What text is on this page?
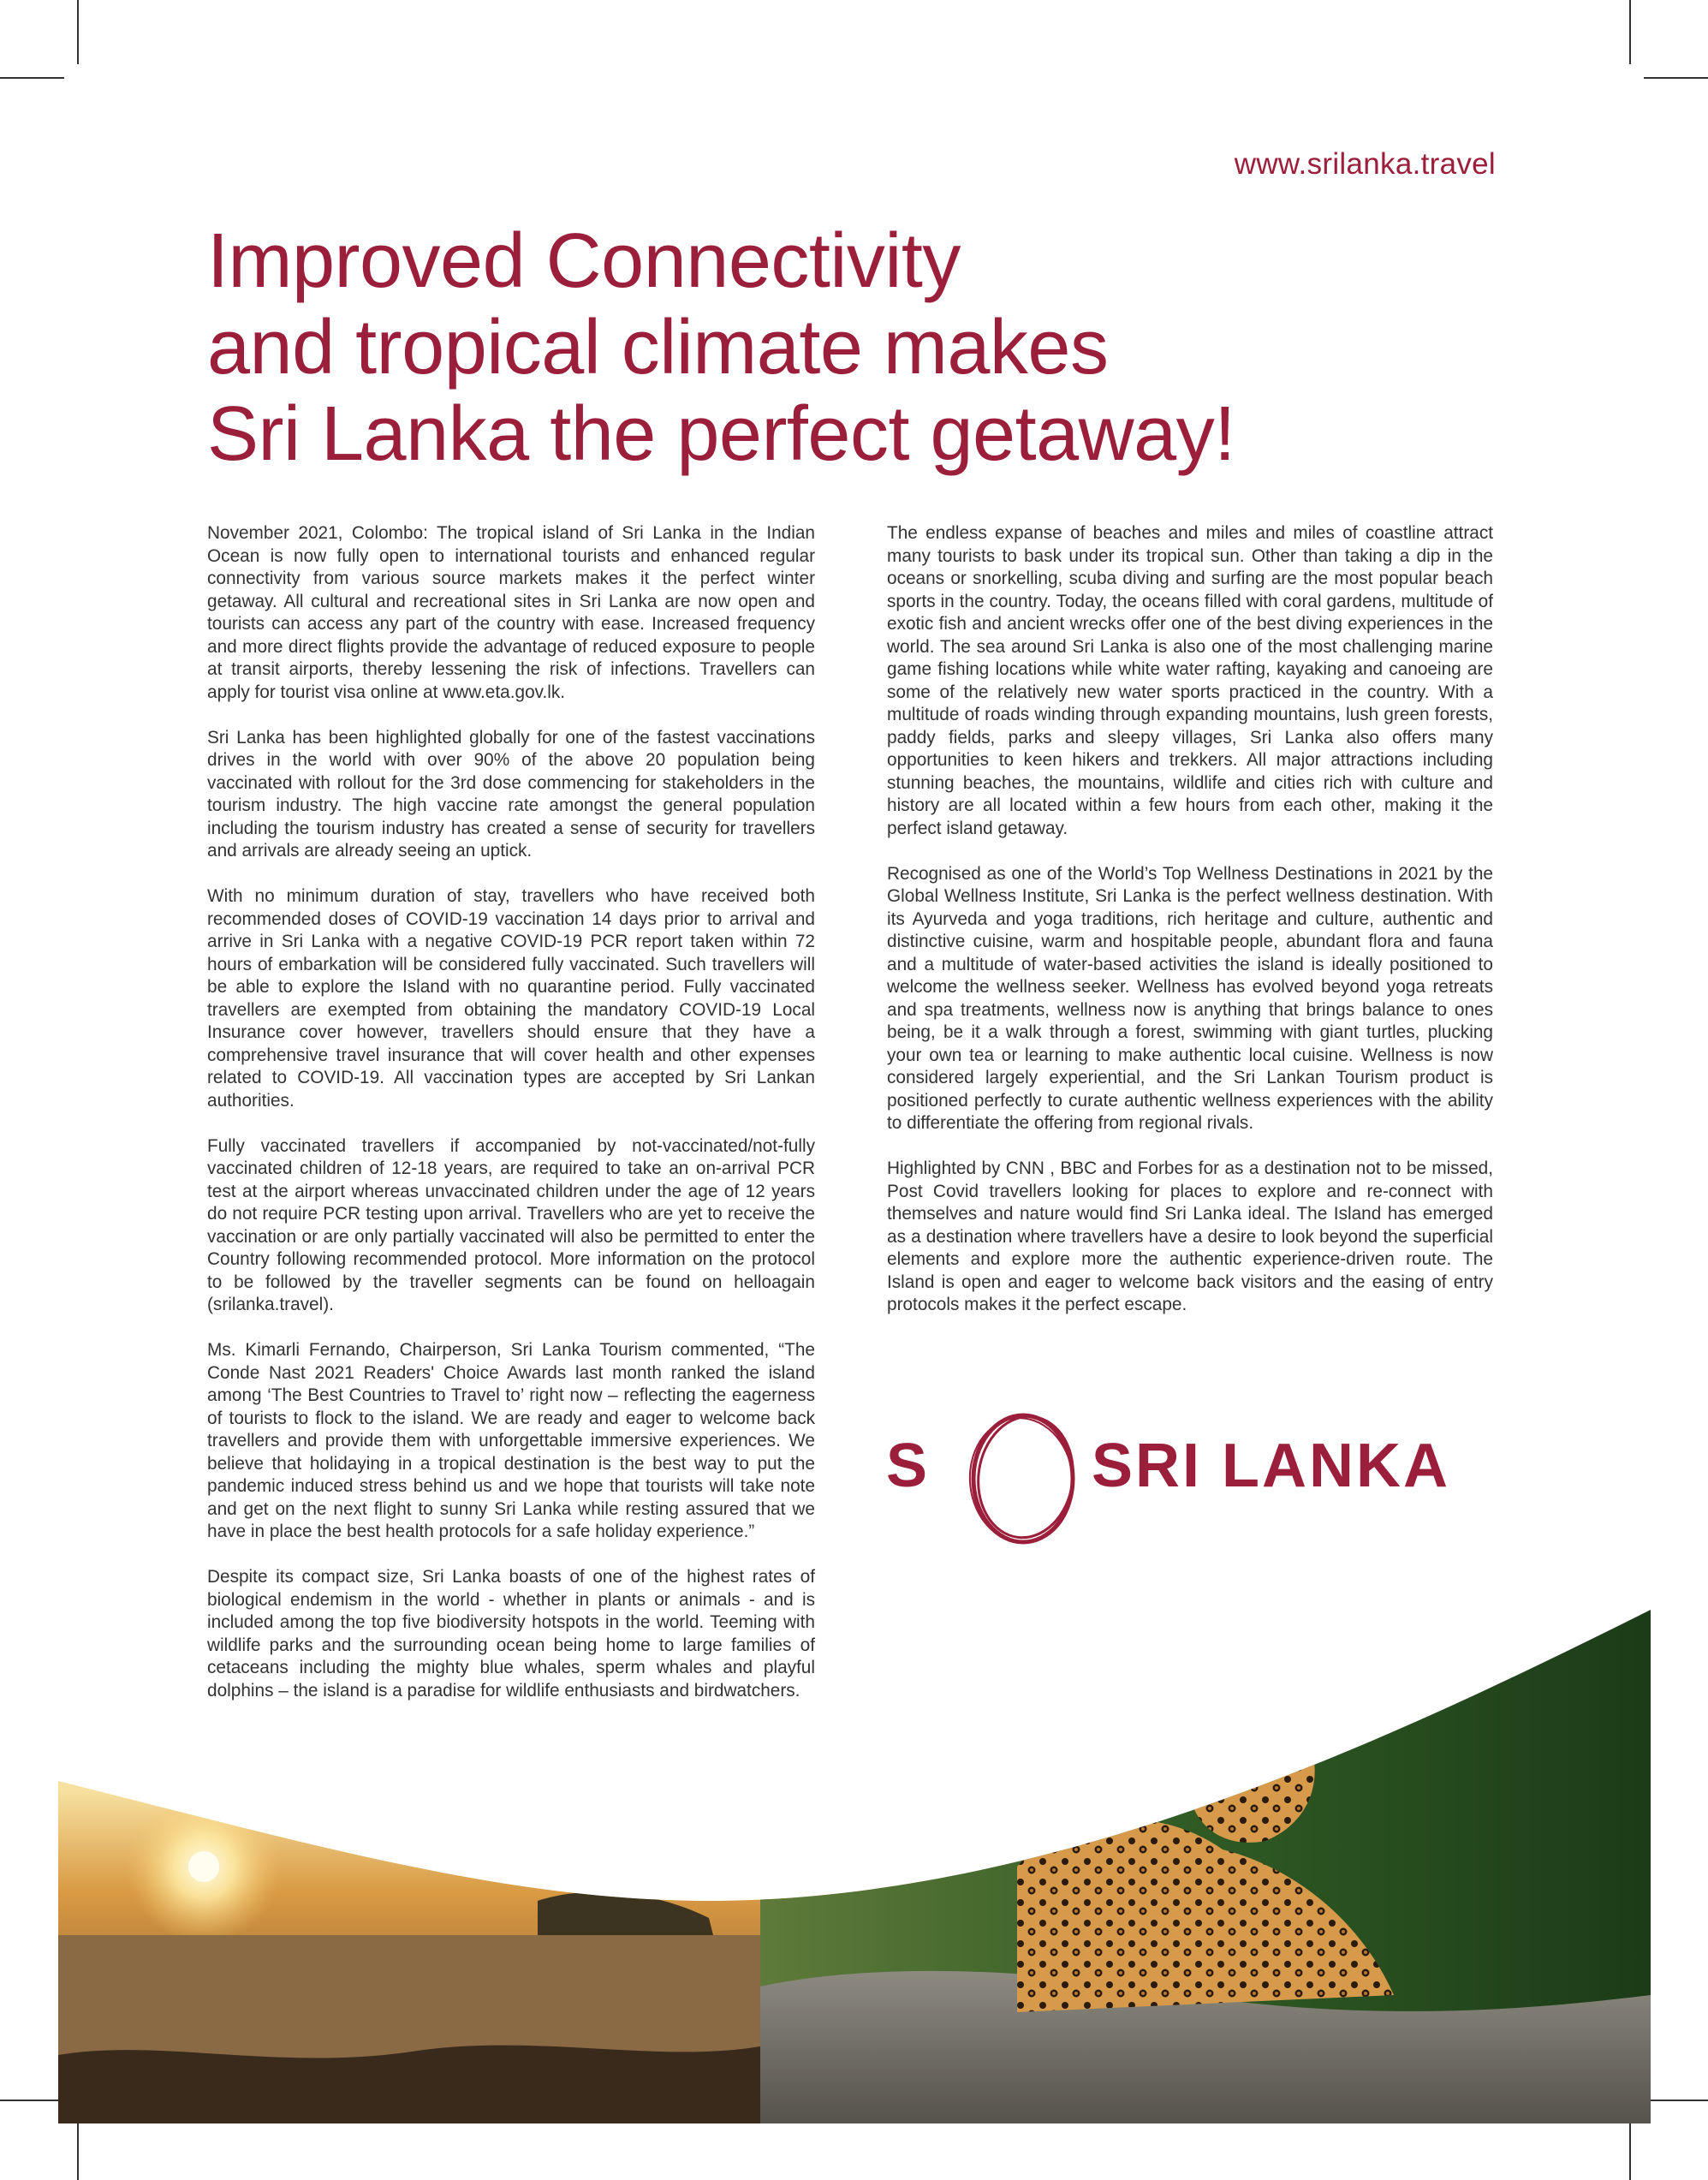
www.srilanka.travel
Improved Connectivity
and tropical climate makes
Sri Lanka the perfect getaway!

November 2021, Colombo: The tropical island of Sri Lanka in the Indian Ocean is now fully open to international tourists and enhanced regular connectivity from various source markets makes it the perfect winter getaway. All cultural and recreational sites in Sri Lanka are now open and tourists can access any part of the country with ease. Increased frequency and more direct flights provide the advantage of reduced exposure to people at transit airports, thereby lessening the risk of infections. Travellers can apply for tourist visa online at www.eta.gov.lk.

Sri Lanka has been highlighted globally for one of the fastest vaccinations drives in the world with over 90% of the above 20 population being vaccinated with rollout for the 3rd dose commencing for stakeholders in the tourism industry. The high vaccine rate amongst the general population including the tourism industry has created a sense of security for travellers and arrivals are already seeing an uptick.

With no minimum duration of stay, travellers who have received both recommended doses of COVID-19 vaccination 14 days prior to arrival and arrive in Sri Lanka with a negative COVID-19 PCR report taken within 72 hours of embarkation will be considered fully vaccinated. Such travellers will be able to explore the Island with no quarantine period. Fully vaccinated travellers are exempted from obtaining the mandatory COVID-19 Local Insurance cover however, travellers should ensure that they have a comprehensive travel insurance that will cover health and other expenses related to COVID-19. All vaccination types are accepted by Sri Lankan authorities.

Fully vaccinated travellers if accompanied by not-vaccinated/not-fully vaccinated children of 12-18 years, are required to take an on-arrival PCR test at the airport whereas unvaccinated children under the age of 12 years do not require PCR testing upon arrival. Travellers who are yet to receive the vaccination or are only partially vaccinated will also be permitted to enter the Country following recommended protocol. More information on the protocol to be followed by the traveller segments can be found on helloagain (srilanka.travel).

Ms. Kimarli Fernando, Chairperson, Sri Lanka Tourism commented, “The Conde Nast 2021 Readers' Choice Awards last month ranked the island among ‘The Best Countries to Travel to’ right now – reflecting the eagerness of tourists to flock to the island. We are ready and eager to welcome back travellers and provide them with unforgettable immersive experiences. We believe that holidaying in a tropical destination is the best way to put the pandemic induced stress behind us and we hope that tourists will take note and get on the next flight to sunny Sri Lanka while resting assured that we have in place the best health protocols for a safe holiday experience.”

Despite its compact size, Sri Lanka boasts of one of the highest rates of biological endemism in the world - whether in plants or animals - and is included among the top five biodiversity hotspots in the world. Teeming with wildlife parks and the surrounding ocean being home to large families of cetaceans including the mighty blue whales, sperm whales and playful dolphins – the island is a paradise for wildlife enthusiasts and birdwatchers.

The endless expanse of beaches and miles and miles of coastline attract many tourists to bask under its tropical sun. Other than taking a dip in the oceans or snorkelling, scuba diving and surfing are the most popular beach sports in the country. Today, the oceans filled with coral gardens, multitude of exotic fish and ancient wrecks offer one of the best diving experiences in the world. The sea around Sri Lanka is also one of the most challenging marine game fishing locations while white water rafting, kayaking and canoeing are some of the relatively new water sports practiced in the country. With a multitude of roads winding through expanding mountains, lush green forests, paddy fields, parks and sleepy villages, Sri Lanka also offers many opportunities to keen hikers and trekkers. All major attractions including stunning beaches, the mountains, wildlife and cities rich with culture and history are all located within a few hours from each other, making it the perfect island getaway.

Recognised as one of the World’s Top Wellness Destinations in 2021 by the Global Wellness Institute, Sri Lanka is the perfect wellness destination. With its Ayurveda and yoga traditions, rich heritage and culture, authentic and distinctive cuisine, warm and hospitable people, abundant flora and fauna and a multitude of water-based activities the island is ideally positioned to welcome the wellness seeker. Wellness has evolved beyond yoga retreats and spa treatments, wellness now is anything that brings balance to ones being, be it a walk through a forest, swimming with giant turtles, plucking your own tea or learning to make authentic local cuisine. Wellness is now considered largely experiential, and the Sri Lankan Tourism product is positioned perfectly to curate authentic wellness experiences with the ability to differentiate the offering from regional rivals.

Highlighted by CNN , BBC and Forbes for as a destination not to be missed, Post Covid travellers looking for places to explore and re-connect with themselves and nature would find Sri Lanka ideal. The Island has emerged as a destination where travellers have a desire to look beyond the superficial elements and explore more the authentic experience-driven route. The Island is open and eager to welcome back visitors and the easing of entry protocols makes it the perfect escape.

S	SRI LANKA
